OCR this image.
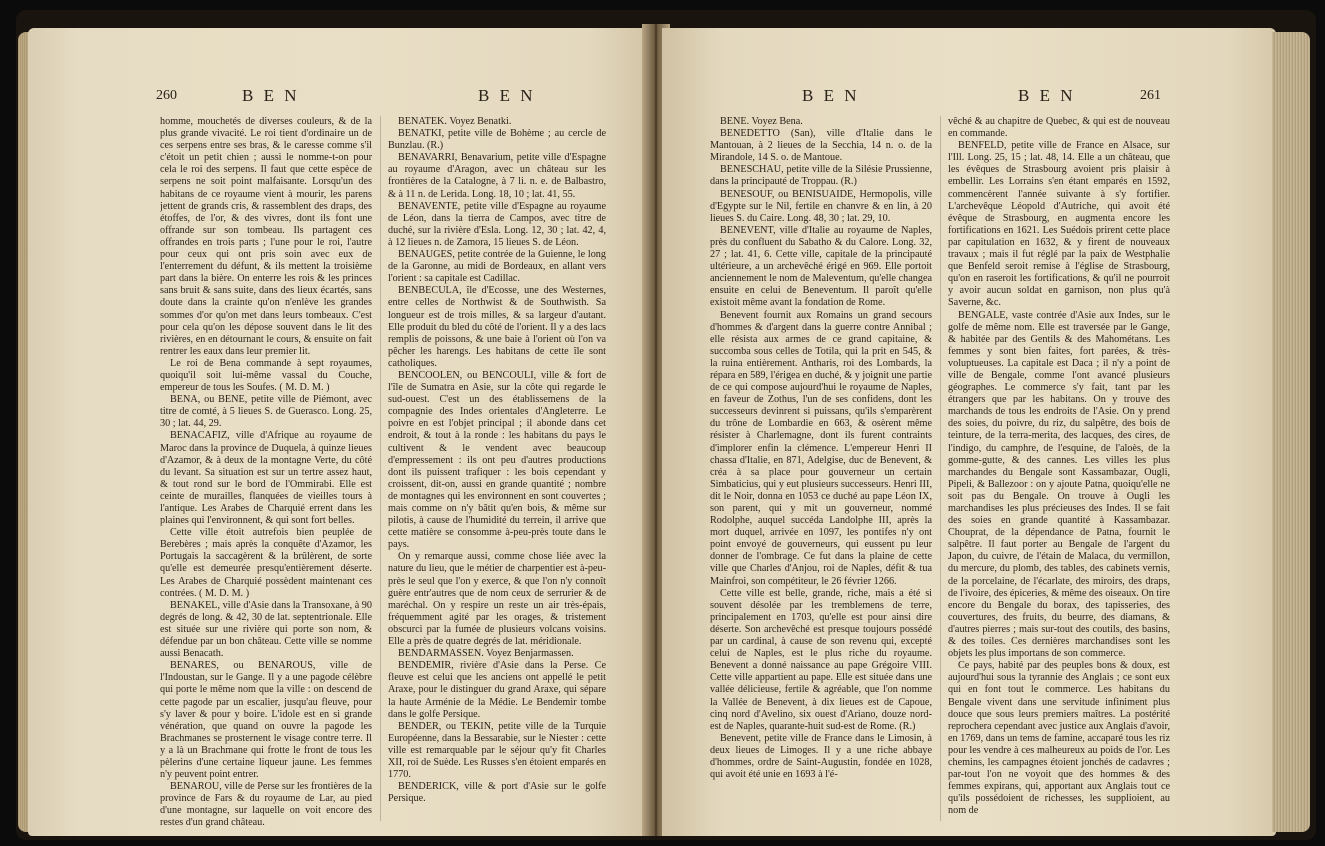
260	B E N	B E N

homme, mouchetés de diverses couleurs, & de la plus grande vivacité. Le roi tient d'ordinaire un de ces serpens entre ses bras, & le caresse comme s'il c'étoit un petit chien ; aussi le nomme-t-on pour cela le roi des serpens. Il faut que cette espèce de serpens ne soit point malfaisante. Lorsqu'un des habitans de ce royaume vient à mourir, les parens jettent de grands cris, & rassemblent des draps, des étoffes, de l'or, & des vivres, dont ils font une offrande sur son tombeau. Ils partagent ces offrandes en trois parts ; l'une pour le roi, l'autre pour ceux qui ont pris soin avec eux de l'enterrement du défunt, & ils mettent la troisième part dans la bière. On enterre les rois & les princes sans bruit & sans suite, dans des lieux écartés, sans doute dans la crainte qu'on n'enlève les grandes sommes d'or qu'on met dans leurs tombeaux. C'est pour cela qu'on les dépose souvent dans le lit des rivières, en en détournant le cours, & ensuite on fait rentrer les eaux dans leur premier lit.

Le roi de Bena commande à sept royaumes, quoiqu'il soit lui-même vassal du Couche, empereur de tous les Soufes. ( M. D. M. )

BENA, ou BENE, petite ville de Piémont, avec titre de comté, à 5 lieues S. de Guerasco. Long. 25, 30 ; lat. 44, 29.

BENACAFIZ, ville d'Afrique au royaume de Maroc dans la province de Duquela, à quinze lieues d'Azamor, & à deux de la montagne Verte, du côté du levant. Sa situation est sur un tertre assez haut, & tout rond sur le bord de l'Ommirabi. Elle est ceinte de murailles, flanquées de vieilles tours à l'antique. Les Arabes de Charquié errent dans les plaines qui l'environnent, & qui sont fort belles.

Cette ville étoit autrefois bien peuplée de Berebères ; mais après la conquête d'Azamor, les Portugais la saccagèrent & la brûlèrent, de sorte qu'elle est demeurée presqu'entièrement déserte. Les Arabes de Charquié possèdent maintenant ces contrées. ( M. D. M. )

BENAKEL, ville d'Asie dans la Transoxane, à 90 degrés de long. & 42, 30 de lat. septentrionale. Elle est située sur une rivière qui porte son nom, & défendue par un bon château. Cette ville se nomme aussi Benacath.

BENARES, ou BENAROUS, ville de l'Indoustan, sur le Gange. Il y a une pagode célèbre qui porte le même nom que la ville : on descend de cette pagode par un escalier, jusqu'au fleuve, pour s'y laver & pour y boire. L'idole est en si grande vénération, que quand on ouvre la pagode les Brachmanes se prosternent le visage contre terre. Il y a là un Brachmane qui frotte le front de tous les pèlerins d'une certaine liqueur jaune. Les femmes n'y peuvent point entrer.

BENAROU, ville de Perse sur les frontières de la province de Fars & du royaume de Lar, au pied d'une montagne, sur laquelle on voit encore des restes d'un grand château.

BENATEK. Voyez Benatki.

BENATKI, petite ville de Bohème ; au cercle de Bunzlau. (R.)

BENAVARRI, Benavarium, petite ville d'Espagne au royaume d'Aragon, avec un château sur les frontières de la Catalogne, à 7 li. n. e. de Balbastro, & à 11 n. de Lerida. Long. 18, 10 ; lat. 41, 55.

BENAVENTE, petite ville d'Espagne au royaume de Léon, dans la tierra de Campos, avec titre de duché, sur la rivière d'Esla. Long. 12, 30 ; lat. 42, 4, à 12 lieues n. de Zamora, 15 lieues S. de Léon.

BENAUGES, petite contrée de la Guienne, le long de la Garonne, au midi de Bordeaux, en allant vers l'orient : sa capitale est Cadillac.

BENBECULA, île d'Ecosse, une des Westernes, entre celles de Northwist & de Southwisth. Sa longueur est de trois milles, & sa largeur d'autant. Elle produit du bled du côté de l'orient. Il y a des lacs remplis de poissons, & une baie à l'orient où l'on va pêcher les harengs. Les habitans de cette île sont catholiques.

BENCOOLEN, ou BENCOULI, ville & fort de l'île de Sumatra en Asie, sur la côte qui regarde le sud-ouest. C'est un des établissemens de la compagnie des Indes orientales d'Angleterre. Le poivre en est l'objet principal ; il abonde dans cet endroit, & tout à la ronde : les habitans du pays le cultivent & le vendent avec beaucoup d'empressement : ils ont peu d'autres productions dont ils puissent trafiquer : les bois cependant y croissent, dit-on, aussi en grande quantité ; nombre de montagnes qui les environnent en sont couvertes ; mais comme on n'y bâtit qu'en bois, & même sur pilotis, à cause de l'humidité du terrein, il arrive que cette matière se consomme à-peu-près toute dans le pays.

On y remarque aussi, comme chose liée avec la nature du lieu, que le métier de charpentier est à-peu-près le seul que l'on y exerce, & que l'on n'y connoît guère entr'autres que de nom ceux de serrurier & de maréchal. On y respire un reste un air très-épais, fréquemment agité par les orages, & tristement obscurci par la fumée de plusieurs volcans voisins. Elle a près de quatre degrés de lat. méridionale.

BENDARMASSEN. Voyez Benjarmassen.

BENDEMIR, rivière d'Asie dans la Perse. Ce fleuve est celui que les anciens ont appellé le petit Araxe, pour le distinguer du grand Araxe, qui sépare la haute Arménie de la Médie. Le Bendemir tombe dans le golfe Persique.

BENDER, ou TEKIN, petite ville de la Turquie Européenne, dans la Bessarabie, sur le Niester : cette ville est remarquable par le séjour qu'y fit Charles XII, roi de Suède. Les Russes s'en étoient emparés en 1770.

BENDERICK, ville & port d'Asie sur le golfe Persique.

B E N	B E N	261

BENE. Voyez Bena.

BENEDETTO (San), ville d'Italie dans le Mantouan, à 2 lieues de la Secchia, 14 n. o. de la Mirandole, 14 S. o. de Mantoue.

BENESCHAU, petite ville de la Silésie Prussienne, dans la principauté de Troppau. (R.)

BENESOUF, ou BENISUAIDE, Hermopolis, ville d'Egypte sur le Nil, fertile en chanvre & en lin, à 20 lieues S. du Caire. Long. 48, 30 ; lat. 29, 10.

BENEVENT, ville d'Italie au royaume de Naples, près du confluent du Sabatho & du Calore. Long. 32, 27 ; lat. 41, 6. Cette ville, capitale de la principauté ultérieure, a un archevêché érigé en 969. Elle portoit anciennement le nom de Maleventum, qu'elle changea ensuite en celui de Beneventum. Il paroît qu'elle existoit même avant la fondation de Rome.

Benevent fournit aux Romains un grand secours d'hommes & d'argent dans la guerre contre Annibal ; elle résista aux armes de ce grand capitaine, & succomba sous celles de Totila, qui la prit en 545, & la ruina entièrement. Antharis, roi des Lombards, la répara en 589, l'érigea en duché, & y joignit une partie de ce qui compose aujourd'hui le royaume de Naples, en faveur de Zothus, l'un de ses confidens, dont les successeurs devinrent si puissans, qu'ils s'emparèrent du trône de Lombardie en 663, & osèrent même résister à Charlemagne, dont ils furent contraints d'implorer enfin la clémence. L'empereur Henri II chassa d'Italie, en 871, Adelgise, duc de Benevent, & créa à sa place pour gouverneur un certain Simbaticius, qui y eut plusieurs successeurs. Henri III, dit le Noir, donna en 1053 ce duché au pape Léon IX, son parent, qui y mit un gouverneur, nommé Rodolphe, auquel succéda Landolphe III, après la mort duquel, arrivée en 1097, les pontifes n'y ont point envoyé de gouverneurs, qui eussent pu leur donner de l'ombrage. Ce fut dans la plaine de cette ville que Charles d'Anjou, roi de Naples, défit & tua Mainfroi, son compétiteur, le 26 février 1266.

Cette ville est belle, grande, riche, mais a été si souvent désolée par les tremblemens de terre, principalement en 1703, qu'elle est pour ainsi dire déserte. Son archevêché est presque toujours possédé par un cardinal, à cause de son revenu qui, excepté celui de Naples, est le plus riche du royaume. Benevent a donné naissance au pape Grégoire VIII. Cette ville appartient au pape. Elle est située dans une vallée délicieuse, fertile & agréable, que l'on nomme la Vallée de Benevent, à dix lieues est de Capoue, cinq nord d'Avelino, six ouest d'Ariano, douze nord-est de Naples, quarante-huit sud-est de Rome. (R.)

Benevent, petite ville de France dans le Limosin, à deux lieues de Limoges. Il y a une riche abbaye d'hommes, ordre de Saint-Augustin, fondée en 1028, qui avoit été unie en 1693 à l'é-

vêché & au chapitre de Quebec, & qui est de nouveau en commande.

BENFELD, petite ville de France en Alsace, sur l'Ill. Long. 25, 15 ; lat. 48, 14. Elle a un château, que les évêques de Strasbourg avoient pris plaisir à embellir. Les Lorrains s'en étant emparés en 1592, commencèrent l'année suivante à s'y fortifier. L'archevêque Léopold d'Autriche, qui avoit été évêque de Strasbourg, en augmenta encore les fortifications en 1621. Les Suédois prirent cette place par capitulation en 1632, & y firent de nouveaux travaux ; mais il fut réglé par la paix de Westphalie que Benfeld seroit remise à l'église de Strasbourg, qu'on en raseroit les fortifications, & qu'il ne pourroit y avoir aucun soldat en garnison, non plus qu'à Saverne, &c.

BENGALE, vaste contrée d'Asie aux Indes, sur le golfe de même nom. Elle est traversée par le Gange, & habitée par des Gentils & des Mahométans. Les femmes y sont bien faites, fort parées, & très-voluptueuses. La capitale est Daca ; il n'y a point de ville de Bengale, comme l'ont avancé plusieurs géographes. Le commerce s'y fait, tant par les étrangers que par les habitans. On y trouve des marchands de tous les endroits de l'Asie. On y prend des soies, du poivre, du riz, du salpêtre, des bois de teinture, de la terra-merita, des lacques, des cires, de l'indigo, du camphre, de l'esquine, de l'aloès, de la gomme-gutte, & des cannes. Les villes les plus marchandes du Bengale sont Kassambazar, Ougli, Pipeli, & Ballezoor : on y ajoute Patna, quoiqu'elle ne soit pas du Bengale. On trouve à Ougli les marchandises les plus précieuses des Indes. Il se fait des soies en grande quantité à Kassambazar. Chouprat, de la dépendance de Patna, fournit le salpêtre. Il faut porter au Bengale de l'argent du Japon, du cuivre, de l'étain de Malaca, du vermillon, du mercure, du plomb, des tables, des cabinets vernis, de la porcelaine, de l'écarlate, des miroirs, des draps, de l'ivoire, des épiceries, & même des oiseaux. On tire encore du Bengale du borax, des tapisseries, des couvertures, des fruits, du beurre, des diamans, & d'autres pierres ; mais sur-tout des coutils, des basins, & des toiles. Ces dernières marchandises sont les objets les plus importans de son commerce.

Ce pays, habité par des peuples bons & doux, est aujourd'hui sous la tyrannie des Anglais ; ce sont eux qui en font tout le commerce. Les habitans du Bengale vivent dans une servitude infiniment plus douce que sous leurs premiers maîtres. La postérité reprochera cependant avec justice aux Anglais d'avoir, en 1769, dans un tems de famine, accaparé tous les riz pour les vendre à ces malheureux au poids de l'or. Les chemins, les campagnes étoient jonchés de cadavres ; par-tout l'on ne voyoit que des hommes & des femmes expirans, qui, apportant aux Anglais tout ce qu'ils possédoient de richesses, les supplioient, au nom de
